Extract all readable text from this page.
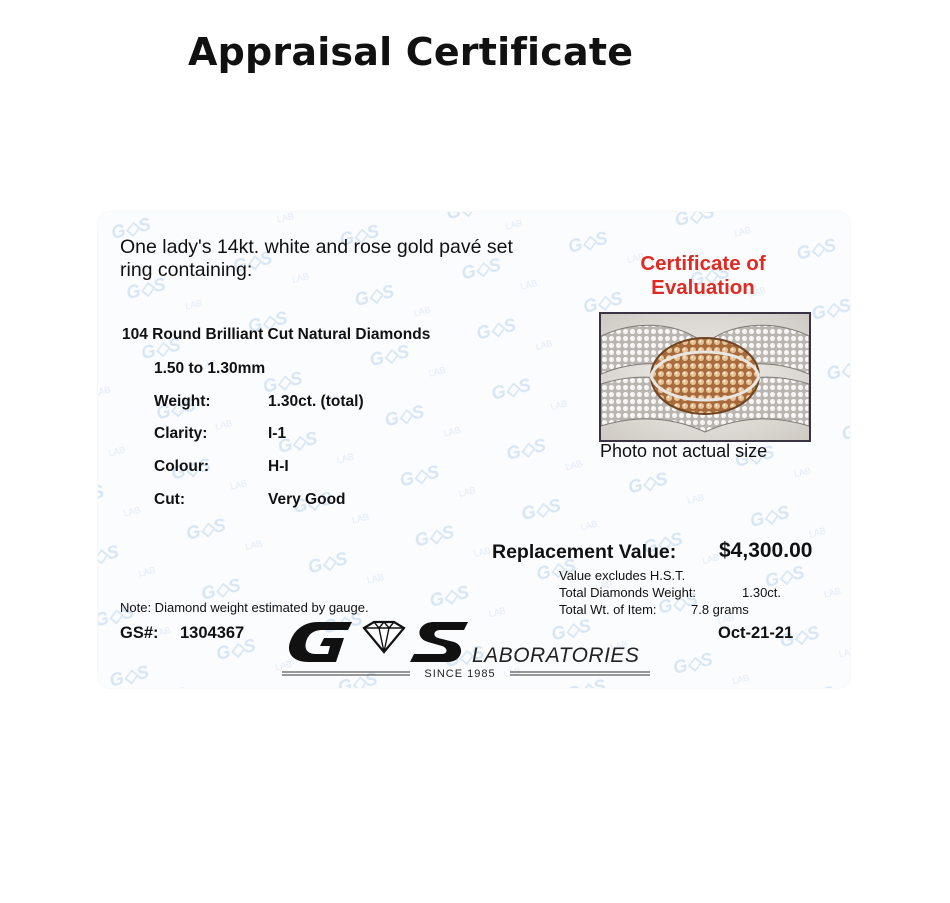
Appraisal Certificate
One lady's 14kt. white and rose gold pavé set
ring containing:
104 Round Brilliant Cut Natural Diamonds
1.50 to 1.30mm
Weight:	1.30ct. (total)
Clarity:	I-1
Colour:	H-I
Cut:	Very Good
Certificate of
Evaluation
Photo not actual size
Replacement Value: $4,300.00
Value excludes H.S.T.
Total Diamonds Weight:	1.30ct.
Total Wt. of Item:	7.8 grams
Note: Diamond weight estimated by gauge.
GS#: 1304367	Oct-21-21
LABORATORIES
SINCE 1985
